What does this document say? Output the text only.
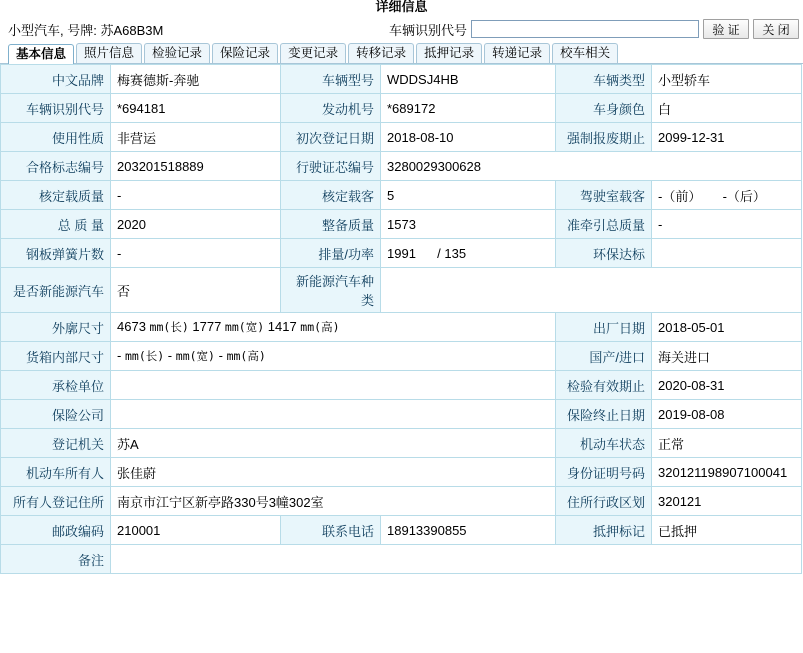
详细信息
小型汽车, 号牌: 苏A68B3M	车辆识别代号	验 证	关 闭
基本信息	照片信息	检验记录	保险记录	变更记录	转移记录	抵押记录	转递记录	校车相关
中文品牌	梅赛德斯-奔驰	车辆型号	WDDSJ4HB	车辆类型	小型轿车
车辆识别代号	*694181	发动机号	*689172	车身颜色	白
使用性质	非营运	初次登记日期	2018-08-10	强制报废期止	2099-12-31
合格标志编号	203201518889	行驶证芯编号	3280029300628		
核定载质量	-	核定载客	5	驾驶室载客	-（前） -（后）
总 质 量	2020	整备质量	1573	准牵引总质量	-
钢板弹簧片数	-	排量/功率	1991 / 135	环保达标	
是否新能源汽车	否	新能源汽车种类			
外廓尺寸	4673 mm(长) 1777 mm(宽) 1417 mm(高)			出厂日期	2018-05-01
货箱内部尺寸	- mm(长) - mm(宽) - mm(高)			国产/进口	海关进口
承检单位				检验有效期止	2020-08-31
保险公司				保险终止日期	2019-08-08
登记机关	苏A			机动车状态	正常
机动车所有人	张佳蔚			身份证明号码	320121198907100041
所有人登记住所	南京市江宁区新亭路330号3幢302室			住所行政区划	320121
邮政编码	210001	联系电话	18913390855	抵押标记	已抵押
备注					
